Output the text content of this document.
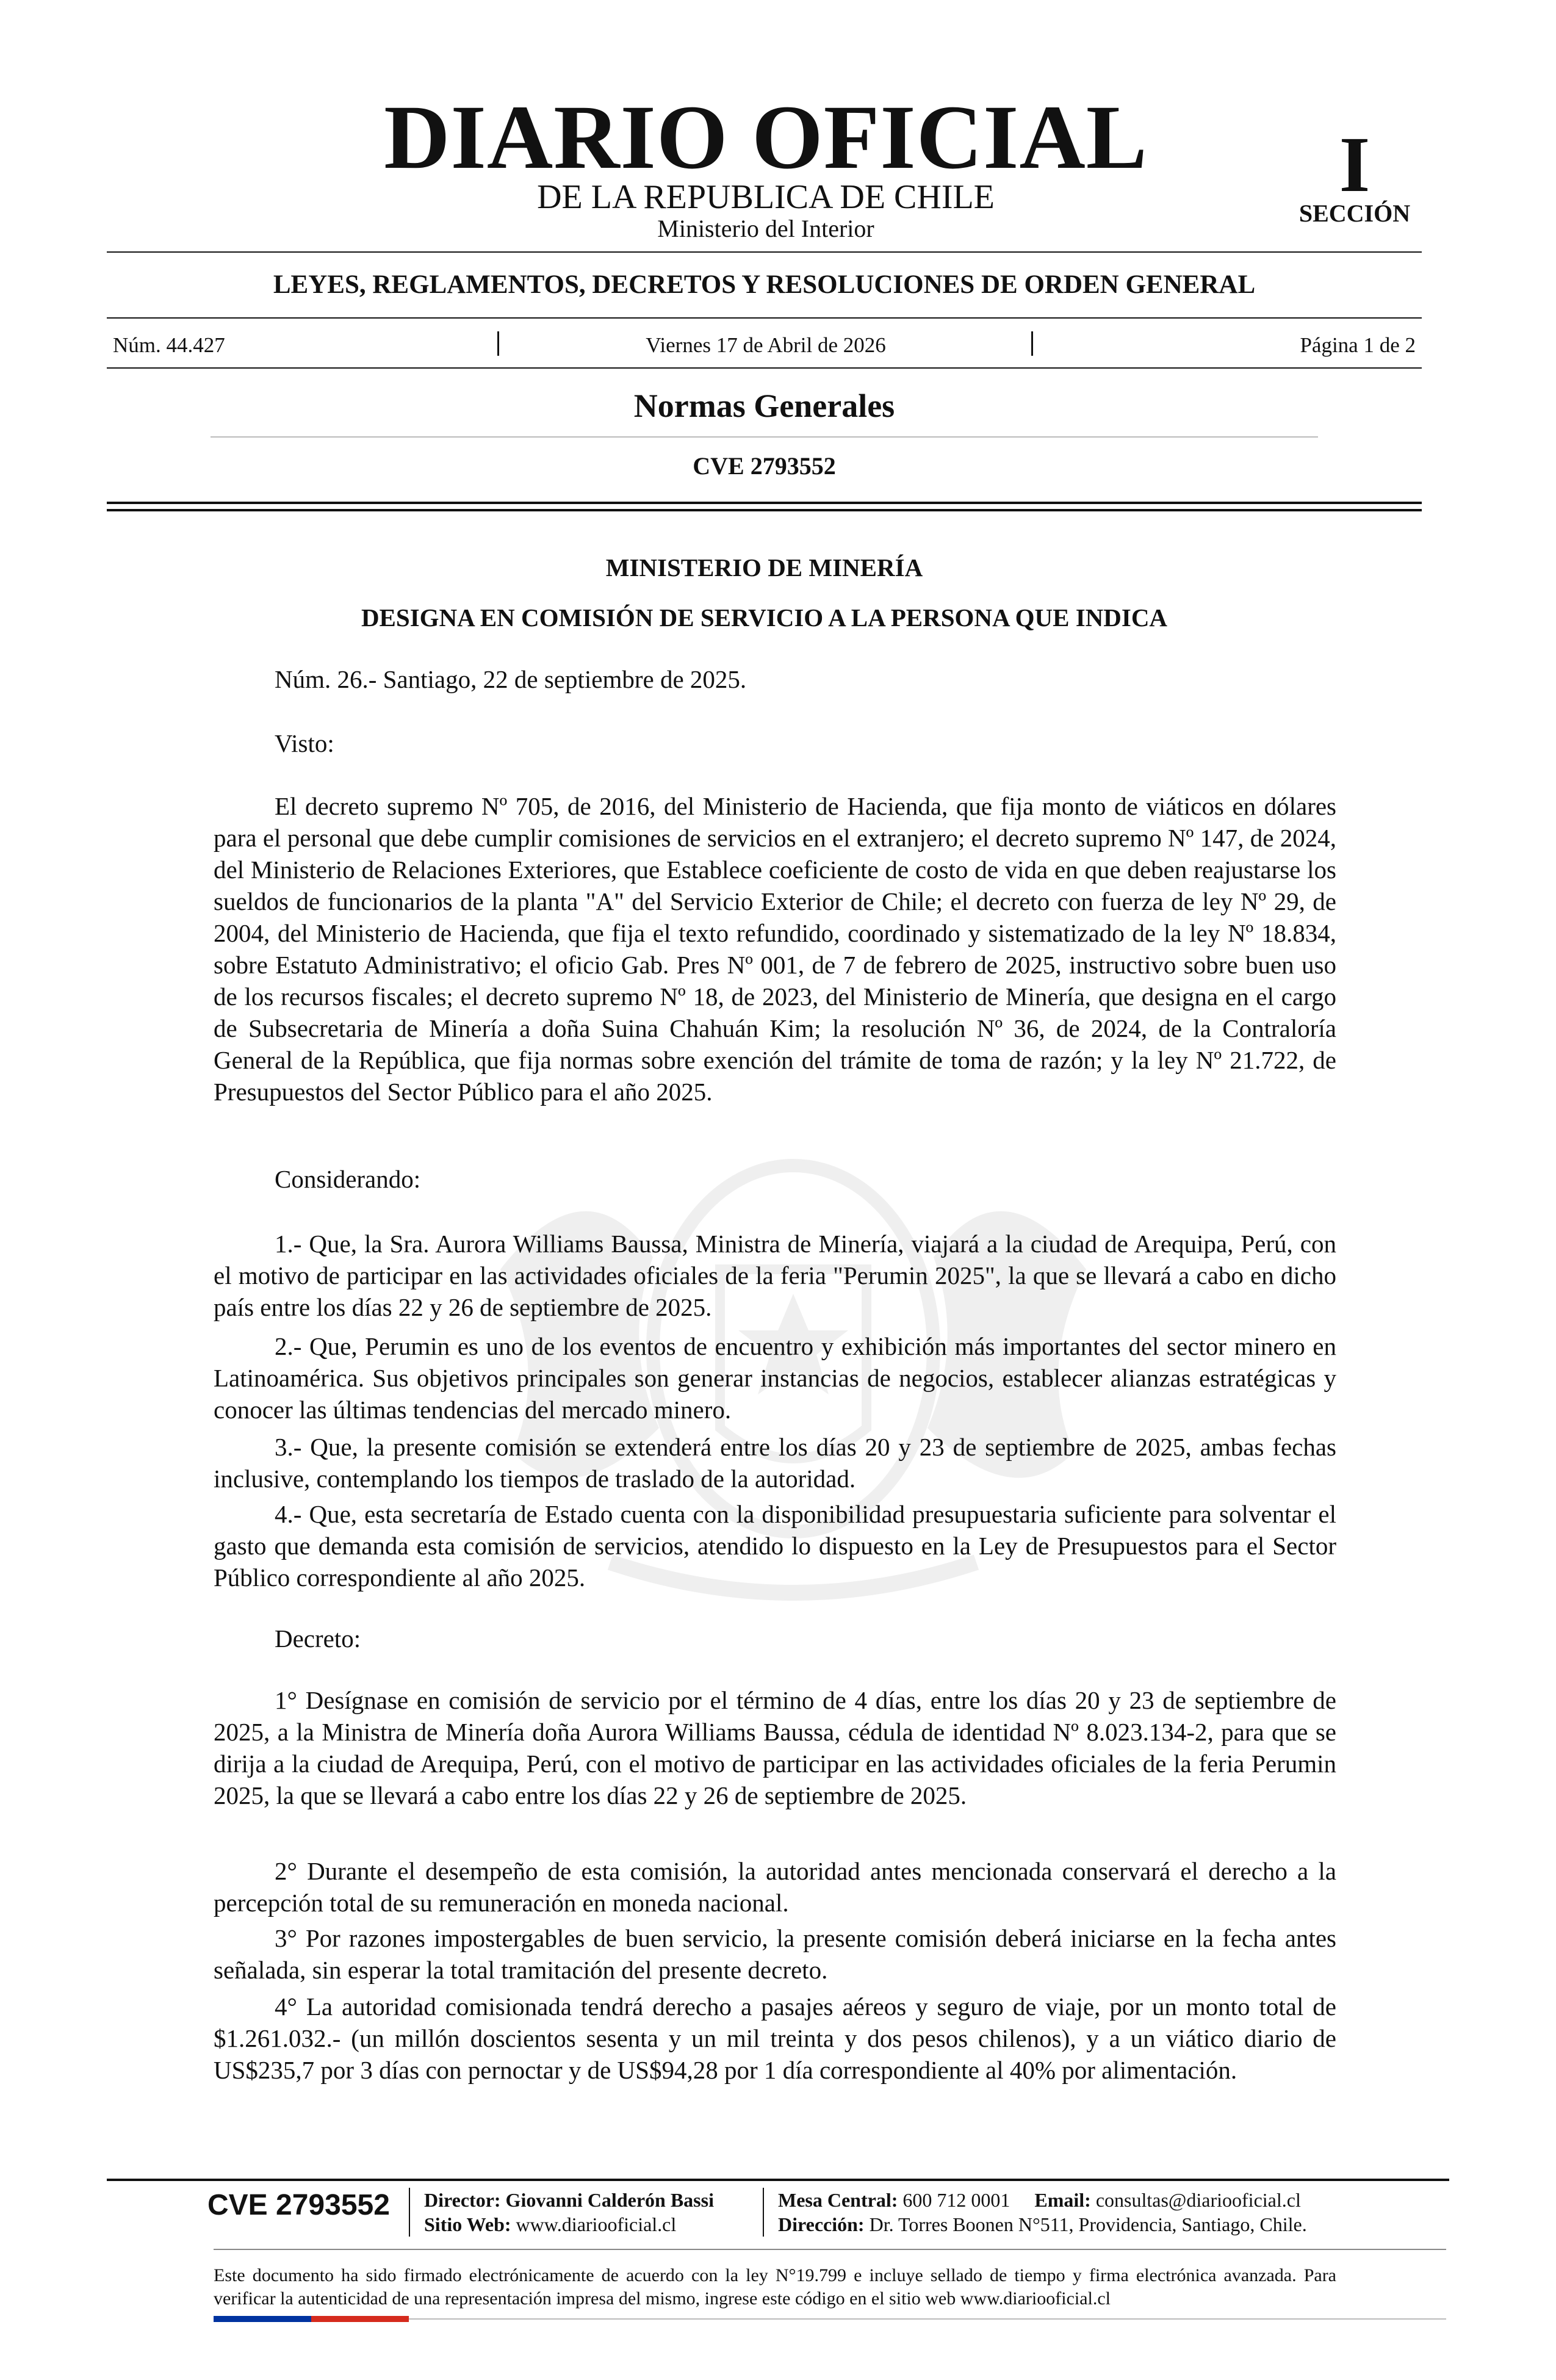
DIARIO OFICIAL
DE LA REPUBLICA DE CHILE
Ministerio del Interior
I
SECCIÓN
LEYES, REGLAMENTOS, DECRETOS Y RESOLUCIONES DE ORDEN GENERAL
Núm. 44.427	Viernes 17 de Abril de 2026	Página 1 de 2
Normas Generales
CVE 2793552
MINISTERIO DE MINERÍA
DESIGNA EN COMISIÓN DE SERVICIO A LA PERSONA QUE INDICA
Núm. 26.- Santiago, 22 de septiembre de 2025.
Visto:
El decreto supremo Nº 705, de 2016, del Ministerio de Hacienda, que fija monto de viáticos en dólares para el personal que debe cumplir comisiones de servicios en el extranjero; el decreto supremo Nº 147, de 2024, del Ministerio de Relaciones Exteriores, que Establece coeficiente de costo de vida en que deben reajustarse los sueldos de funcionarios de la planta "A" del Servicio Exterior de Chile; el decreto con fuerza de ley Nº 29, de 2004, del Ministerio de Hacienda, que fija el texto refundido, coordinado y sistematizado de la ley Nº 18.834, sobre Estatuto Administrativo; el oficio Gab. Pres Nº 001, de 7 de febrero de 2025, instructivo sobre buen uso de los recursos fiscales; el decreto supremo Nº 18, de 2023, del Ministerio de Minería, que designa en el cargo de Subsecretaria de Minería a doña Suina Chahuán Kim; la resolución Nº 36, de 2024, de la Contraloría General de la República, que fija normas sobre exención del trámite de toma de razón; y la ley Nº 21.722, de Presupuestos del Sector Público para el año 2025.
Considerando:
1.- Que, la Sra. Aurora Williams Baussa, Ministra de Minería, viajará a la ciudad de Arequipa, Perú, con el motivo de participar en las actividades oficiales de la feria "Perumin 2025", la que se llevará a cabo en dicho país entre los días 22 y 26 de septiembre de 2025.
2.- Que, Perumin es uno de los eventos de encuentro y exhibición más importantes del sector minero en Latinoamérica. Sus objetivos principales son generar instancias de negocios, establecer alianzas estratégicas y conocer las últimas tendencias del mercado minero.
3.- Que, la presente comisión se extenderá entre los días 20 y 23 de septiembre de 2025, ambas fechas inclusive, contemplando los tiempos de traslado de la autoridad.
4.- Que, esta secretaría de Estado cuenta con la disponibilidad presupuestaria suficiente para solventar el gasto que demanda esta comisión de servicios, atendido lo dispuesto en la Ley de Presupuestos para el Sector Público correspondiente al año 2025.
Decreto:
1° Desígnase en comisión de servicio por el término de 4 días, entre los días 20 y 23 de septiembre de 2025, a la Ministra de Minería doña Aurora Williams Baussa, cédula de identidad Nº 8.023.134-2, para que se dirija a la ciudad de Arequipa, Perú, con el motivo de participar en las actividades oficiales de la feria Perumin 2025, la que se llevará a cabo entre los días 22 y 26 de septiembre de 2025.
2° Durante el desempeño de esta comisión, la autoridad antes mencionada conservará el derecho a la percepción total de su remuneración en moneda nacional.
3° Por razones impostergables de buen servicio, la presente comisión deberá iniciarse en la fecha antes señalada, sin esperar la total tramitación del presente decreto.
4° La autoridad comisionada tendrá derecho a pasajes aéreos y seguro de viaje, por un monto total de $1.261.032.- (un millón doscientos sesenta y un mil treinta y dos pesos chilenos), y a un viático diario de US$235,7 por 3 días con pernoctar y de US$94,28 por 1 día correspondiente al 40% por alimentación.
CVE 2793552 Director: Giovanni Calderón Bassi
Sitio Web: www.diariooficial.cl
Mesa Central: 600 712 0001 Email: consultas@diariooficial.cl
Dirección: Dr. Torres Boonen N°511, Providencia, Santiago, Chile.
Este documento ha sido firmado electrónicamente de acuerdo con la ley N°19.799 e incluye sellado de tiempo y firma electrónica avanzada. Para verificar la autenticidad de una representación impresa del mismo, ingrese este código en el sitio web www.diariooficial.cl
